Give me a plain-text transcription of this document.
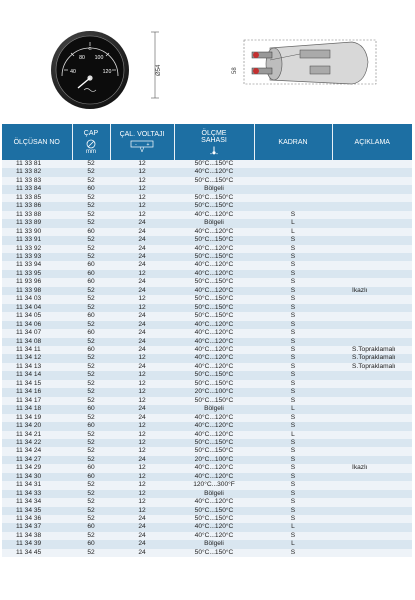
40
80 100
120
C
Ø54	58
ÖLÇÜSAN NO	ÇAP
mm	ÇAL. VOLTAJI
- +
V	ÖLÇME
SAHASI	KADRAN	AÇIKLAMA

11 33 81	52	12	50°C...150°C		
11 33 82	52	12	40°C...120°C		
11 33 83	52	12	50°C...150°C		
11 33 84	60	12	Bölgeli		
11 33 85	52	12	50°C...150°C		
11 33 86	52	12	50°C...150°C		
11 33 88	52	12	40°C...120°C	S	
11 33 89	52	24	Bölgeli	L	
11 33 90	60	24	40°C...120°C	L	
11 33 91	52	24	50°C...150°C	S	
11 33 92	52	24	40°C...120°C	S	
11 33 93	52	24	50°C...150°C	S	
11 33 94	60	24	40°C...120°C	S	
11 33 95	60	12	40°C...120°C	S	
11 93 96	60	24	50°C...150°C	S	
11 33 98	52	24	40°C...120°C	S	İkazlı
11 34 03	52	12	50°C...150°C	S	
11 34 04	52	12	50°C...150°C	S	
11 34 05	60	24	50°C...150°C	S	
11 34 06	52	24	40°C...120°C	S	
11 34 07	60	24	40°C...120°C	S	
11 34 08	52	24	40°C...120°C	S	
11 34 11	60	24	40°C...120°C	S	S.Topraklamalı
11 34 12	52	12	40°C...120°C	S	S.Topraklamalı
11 34 13	52	24	40°C...120°C	S	S.Topraklamalı
11 34 14	52	12	50°C...150°C	S	
11 34 15	52	12	50°C...150°C	S	
11 34 16	52	12	20°C...100°C	S	
11 34 17	52	12	50°C...150°C	S	
11 34 18	60	24	Bölgeli	L	
11 34 19	52	24	40°C...120°C	S	
11 34 20	60	12	40°C...120°C	S	
11 34 21	52	12	40°C...120°C	L	
11 34 22	52	12	50°C...150°C	S	
11 34 24	52	12	50°C...150°C	S	
11 34 27	52	24	20°C...100°C	S	
11 34 29	60	12	40°C...120°C	S	İkazlı
11 34 30	60	12	40°C...120°C	S	
11 34 31	52	12	120°C...300°F	S	
11 34 33	52	12	Bölgeli	S	
11 34 34	52	12	40°C...120°C	S	
11 34 35	52	12	50°C...150°C	S	
11 34 36	52	24	50°C...150°C	S	
11 34 37	60	24	40°C...120°C	L	
11 34 38	52	24	40°C...120°C	S	
11 34 39	60	24	Bölgeli	L	
11 34 45	52	24	50°C...150°C	S	
